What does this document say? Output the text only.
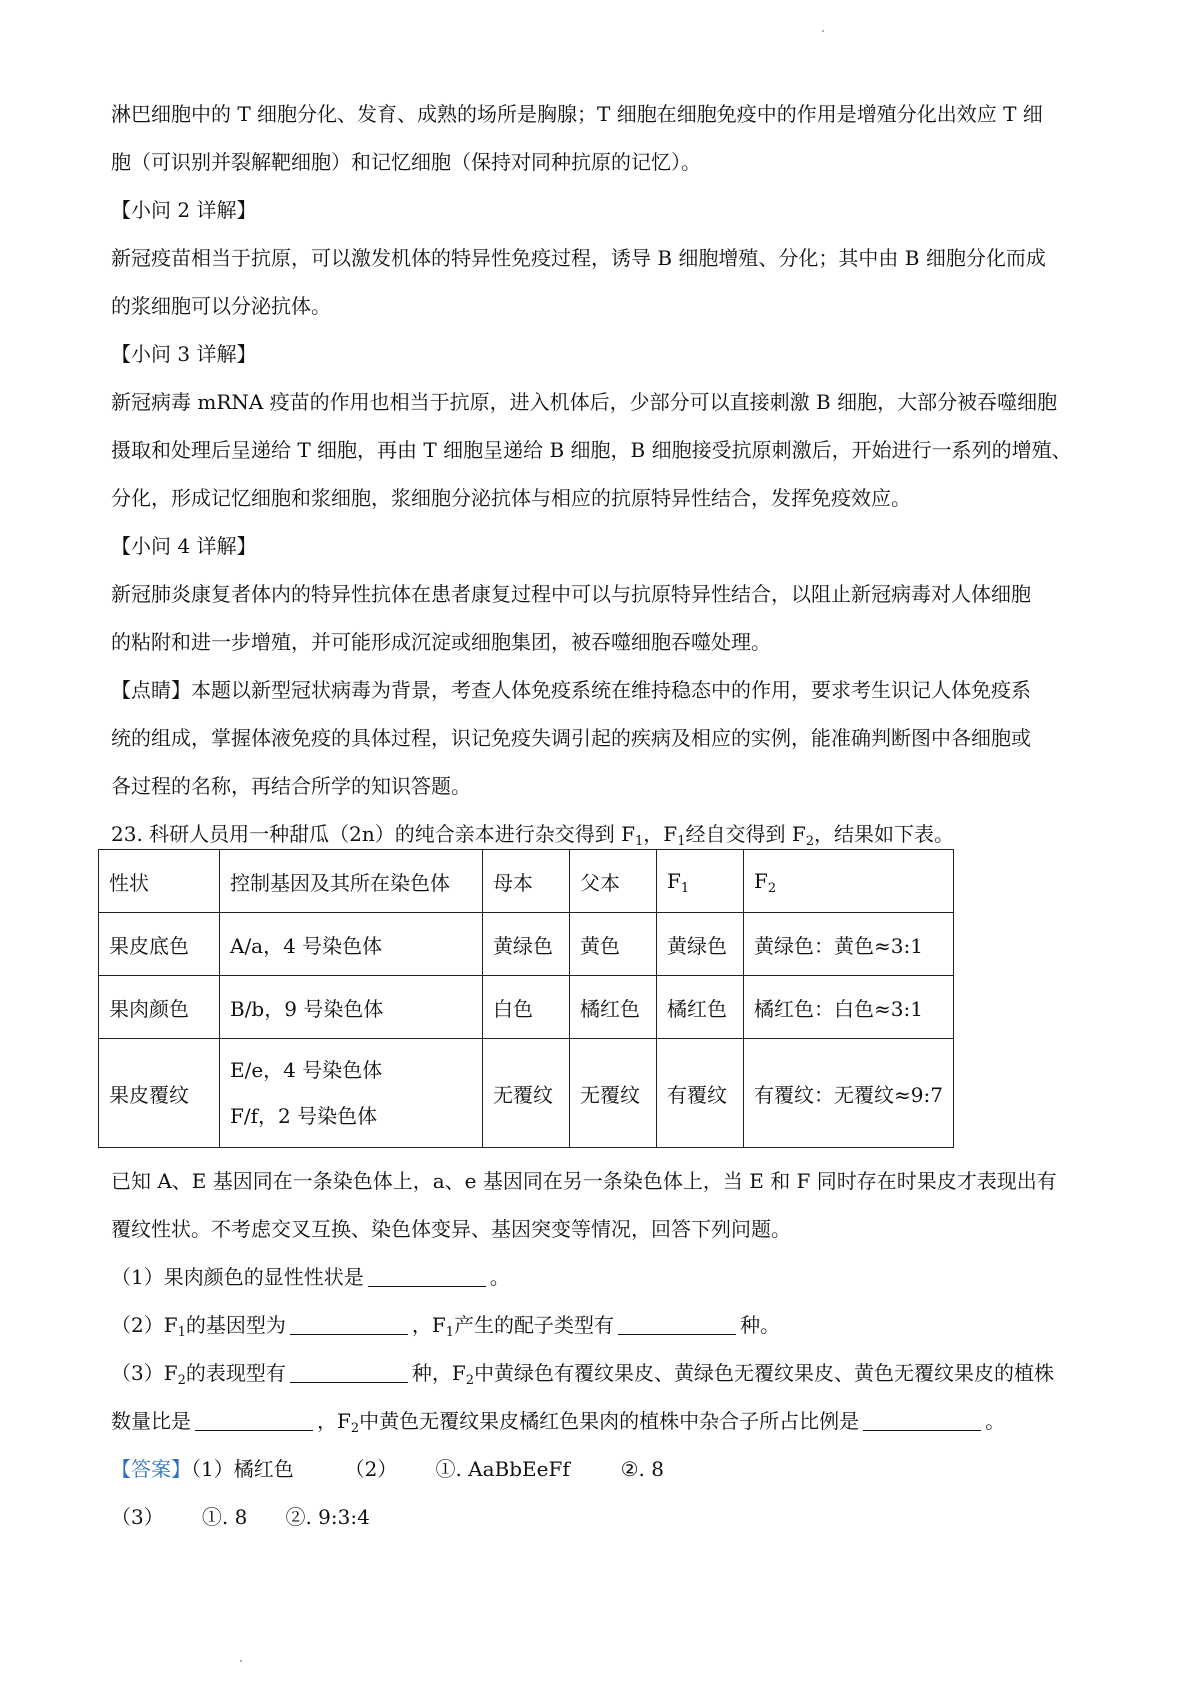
淋巴细胞中的 T 细胞分化、发育、成熟的场所是胸腺；T 细胞在细胞免疫中的作用是增殖分化出效应 T 细
胞（可识别并裂解靶细胞）和记忆细胞（保持对同种抗原的记忆）。
【小问 2 详解】
新冠疫苗相当于抗原，可以激发机体的特异性免疫过程，诱导 B 细胞增殖、分化；其中由 B 细胞分化而成
的浆细胞可以分泌抗体。
【小问 3 详解】
新冠病毒 mRNA 疫苗的作用也相当于抗原，进入机体后，少部分可以直接刺激 B 细胞，大部分被吞噬细胞
摄取和处理后呈递给 T 细胞，再由 T 细胞呈递给 B 细胞，B 细胞接受抗原刺激后，开始进行一系列的增殖、
分化，形成记忆细胞和浆细胞，浆细胞分泌抗体与相应的抗原特异性结合，发挥免疫效应。
【小问 4 详解】
新冠肺炎康复者体内的特异性抗体在患者康复过程中可以与抗原特异性结合，以阻止新冠病毒对人体细胞
的粘附和进一步增殖，并可能形成沉淀或细胞集团，被吞噬细胞吞噬处理。
【点睛】本题以新型冠状病毒为背景，考查人体免疫系统在维持稳态中的作用，要求考生识记人体免疫系
统的组成，掌握体液免疫的具体过程，识记免疫失调引起的疾病及相应的实例，能准确判断图中各细胞或
各过程的名称，再结合所学的知识答题。
23. 科研人员用一种甜瓜（2n）的纯合亲本进行杂交得到 $F_1$，$F_1$经自交得到 $F_2$，结果如下表。
性状	控制基因及其所在染色体	母本	父本	$F_1$	$F_2$
果皮底色	A/a，4 号染色体	黄绿色	黄色	黄绿色	黄绿色：黄色≈3:1
果肉颜色	B/b，9 号染色体	白色	橘红色	橘红色	橘红色：白色≈3:1
果皮覆纹	E/e，4 号染色体
F/f，2 号染色体	无覆纹	无覆纹	有覆纹	有覆纹：无覆纹≈9:7
已知 A、E 基因同在一条染色体上，a、e 基因同在另一条染色体上，当 E 和 F 同时存在时果皮才表现出有
覆纹性状。不考虑交叉互换、染色体变异、基因突变等情况，回答下列问题。
（1）果肉颜色的显性性状是	。
$(2)F_1$的基因型为	，$F_1$产生的配子类型有	种。
$(3)F_2$的表现型有	种，$F_2$中黄绿色有覆纹果皮、黄绿色无覆纹果皮、黄色无覆纹果皮的植株
数量比是	，$F_2$中黄色无覆纹果皮橘红色果肉的植株中杂合子所占比例是	。
【答案】（1）橘红色        （2）      ①. AaBbEeFf        ②. 8
（3）      ①. 8      ②. 9:3:4
